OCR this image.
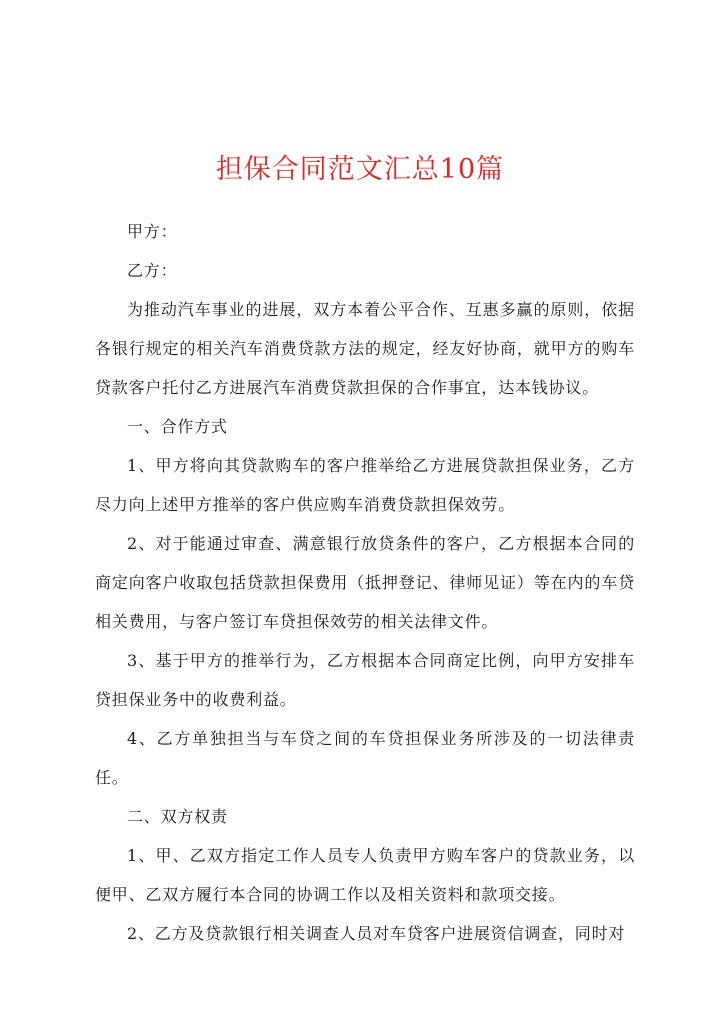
担保合同范文汇总10篇

甲方：

乙方：

为推动汽车事业的进展，双方本着公平合作、互惠多赢的原则，依据各银行规定的相关汽车消费贷款方法的规定，经友好协商，就甲方的购车贷款客户托付乙方进展汽车消费贷款担保的合作事宜，达本钱协议。

一、合作方式

1、甲方将向其贷款购车的客户推举给乙方进展贷款担保业务，乙方尽力向上述甲方推举的客户供应购车消费贷款担保效劳。

2、对于能通过审查、满意银行放贷条件的客户，乙方根据本合同的商定向客户收取包括贷款担保费用（抵押登记、律师见证）等在内的车贷相关费用，与客户签订车贷担保效劳的相关法律文件。

3、基于甲方的推举行为，乙方根据本合同商定比例，向甲方安排车贷担保业务中的收费利益。

4、乙方单独担当与车贷之间的车贷担保业务所涉及的一切法律责任。

二、双方权责

1、甲、乙双方指定工作人员专人负责甲方购车客户的贷款业务，以便甲、乙双方履行本合同的协调工作以及相关资料和款项交接。

2、乙方及贷款银行相关调查人员对车贷客户进展资信调查，同时对
